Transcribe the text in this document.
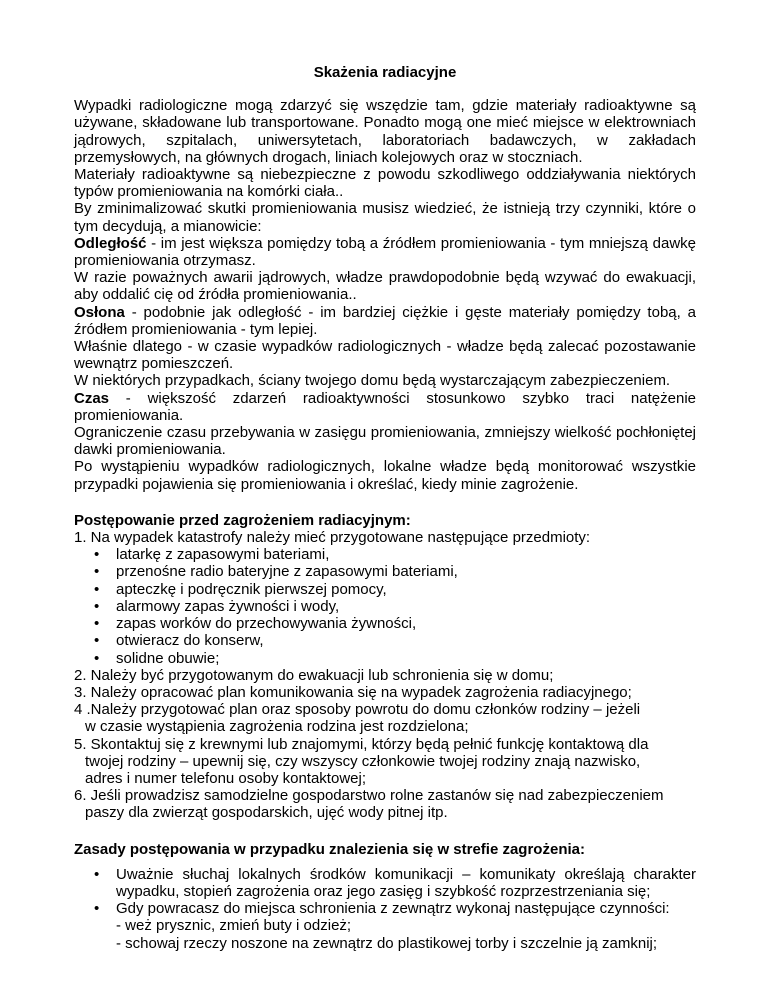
Skażenia radiacyjne

Wypadki radiologiczne mogą zdarzyć się wszędzie tam, gdzie materiały radioaktywne są używane, składowane lub transportowane. Ponadto mogą one mieć miejsce w elektrowniach jądrowych, szpitalach, uniwersytetach, laboratoriach badawczych, w zakładach przemysłowych, na głównych drogach, liniach kolejowych oraz w stoczniach.

Materiały radioaktywne są niebezpieczne z powodu szkodliwego oddziaływania niektórych typów promieniowania na komórki ciała..

By zminimalizować skutki promieniowania musisz wiedzieć, że istnieją trzy czynniki, które o tym decydują, a mianowicie:

Odległość - im jest większa pomiędzy tobą a źródłem promieniowania - tym mniejszą dawkę promieniowania otrzymasz.

W razie poważnych awarii jądrowych, władze prawdopodobnie będą wzywać do ewakuacji, aby oddalić cię od źródła promieniowania..

Osłona - podobnie jak odległość - im bardziej ciężkie i gęste materiały pomiędzy tobą, a źródłem promieniowania - tym lepiej.

Właśnie dlatego - w czasie wypadków radiologicznych - władze będą zalecać pozostawanie wewnątrz pomieszczeń.

W niektórych przypadkach, ściany twojego domu będą wystarczającym zabezpieczeniem.

Czas - większość zdarzeń radioaktywności stosunkowo szybko traci natężenie promieniowania.

Ograniczenie czasu przebywania w zasięgu promieniowania, zmniejszy wielkość pochłoniętej dawki promieniowania.

Po wystąpieniu wypadków radiologicznych, lokalne władze będą monitorować wszystkie przypadki pojawienia się promieniowania i określać, kiedy minie zagrożenie.

Postępowanie przed zagrożeniem radiacyjnym:

1. Na wypadek katastrofy należy mieć przygotowane następujące przedmioty:

• latarkę z zapasowymi bateriami,
• przenośne radio bateryjne z zapasowymi bateriami,
• apteczkę i podręcznik pierwszej pomocy,
• alarmowy zapas żywności i wody,
• zapas worków do przechowywania żywności,
• otwieracz do konserw,
• solidne obuwie;

2. Należy być przygotowanym do ewakuacji lub schronienia się w domu;

3. Należy opracować plan komunikowania się na wypadek zagrożenia radiacyjnego;

4 .Należy przygotować plan oraz sposoby powrotu do domu członków rodziny – jeżeli
w czasie wystąpienia zagrożenia rodzina jest rozdzielona;

5. Skontaktuj się z krewnymi lub znajomymi, którzy będą pełnić funkcję kontaktową dla
twojej rodziny – upewnij się, czy wszyscy członkowie twojej rodziny znają nazwisko,
adres i numer telefonu osoby kontaktowej;

6. Jeśli prowadzisz samodzielne gospodarstwo rolne zastanów się nad zabezpieczeniem
paszy dla zwierząt gospodarskich, ujęć wody pitnej itp.

Zasady postępowania w przypadku znalezienia się w strefie zagrożenia:

• Uważnie słuchaj lokalnych środków komunikacji – komunikaty określają charakter wypadku, stopień zagrożenia oraz jego zasięg i szybkość rozprzestrzeniania się;
• Gdy powracasz do miejsca schronienia z zewnątrz wykonaj następujące czynności:
- weż prysznic, zmień buty i odzież;
- schowaj rzeczy noszone na zewnątrz do plastikowej torby i szczelnie ją zamknij;
